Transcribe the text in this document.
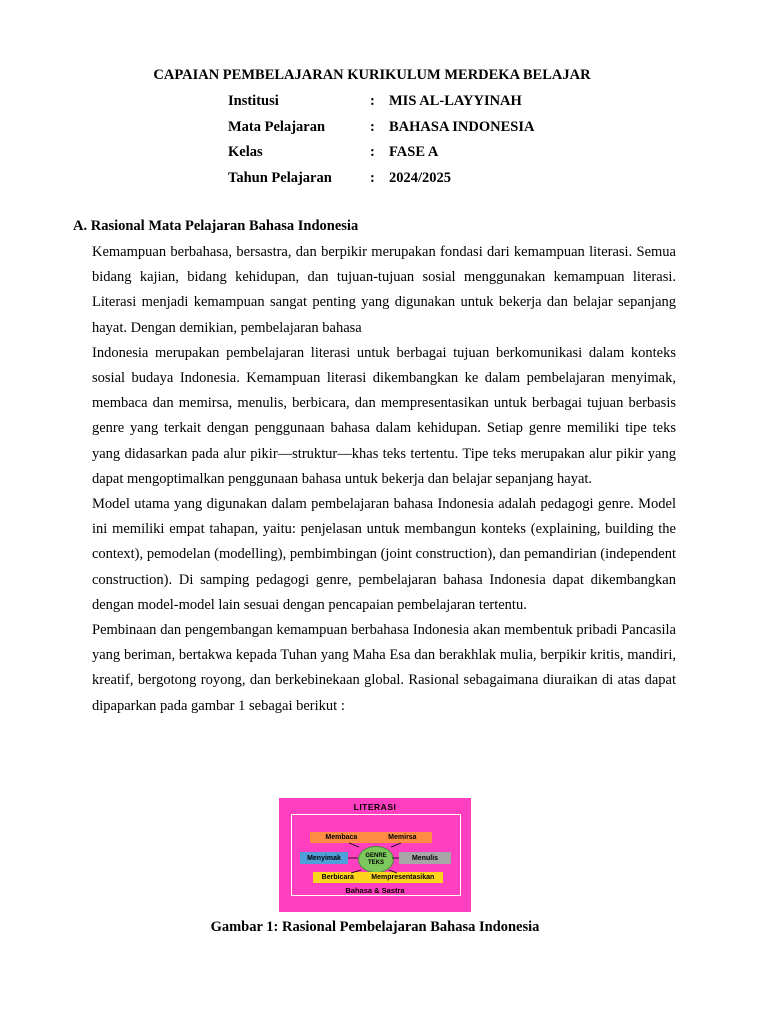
CAPAIAN PEMBELAJARAN KURIKULUM MERDEKA BELAJAR
Institusi	: MIS AL-LAYYINAH
Mata Pelajaran	: BAHASA INDONESIA
Kelas	: FASE A
Tahun Pelajaran	: 2024/2025
A. Rasional Mata Pelajaran Bahasa Indonesia

Kemampuan berbahasa, bersastra, dan berpikir merupakan fondasi dari kemampuan literasi. Semua bidang kajian, bidang kehidupan, dan tujuan-tujuan sosial menggunakan kemampuan literasi. Literasi menjadi kemampuan sangat penting yang digunakan untuk bekerja dan belajar sepanjang hayat. Dengan demikian, pembelajaran bahasa

Indonesia merupakan pembelajaran literasi untuk berbagai tujuan berkomunikasi dalam konteks sosial budaya Indonesia. Kemampuan literasi dikembangkan ke dalam pembelajaran menyimak, membaca dan memirsa, menulis, berbicara, dan mempresentasikan untuk berbagai tujuan berbasis genre yang terkait dengan penggunaan bahasa dalam kehidupan. Setiap genre memiliki tipe teks yang didasarkan pada alur pikir—struktur—khas teks tertentu. Tipe teks merupakan alur pikir yang dapat mengoptimalkan penggunaan bahasa untuk bekerja dan belajar sepanjang hayat.

Model utama yang digunakan dalam pembelajaran bahasa Indonesia adalah pedagogi genre. Model ini memiliki empat tahapan, yaitu: penjelasan untuk membangun konteks (explaining, building the context), pemodelan (modelling), pembimbingan (joint construction), dan pemandirian (independent construction). Di samping pedagogi genre, pembelajaran bahasa Indonesia dapat dikembangkan dengan model-model lain sesuai dengan pencapaian pembelajaran tertentu.

Pembinaan dan pengembangan kemampuan berbahasa Indonesia akan membentuk pribadi Pancasila yang beriman, bertakwa kepada Tuhan yang Maha Esa dan berakhlak mulia, berpikir kritis, mandiri, kreatif, bergotong royong, dan berkebinekaan global. Rasional sebagaimana diuraikan di atas dapat dipaparkan pada gambar 1 sebagai berikut :

LITERASI
Membaca	Memirsa
Menyimak	Menulis
GENRE
TEKS
Berbicara Mempresentasikan
Bahasa & Sastra
Gambar 1: Rasional Pembelajaran Bahasa Indonesia
